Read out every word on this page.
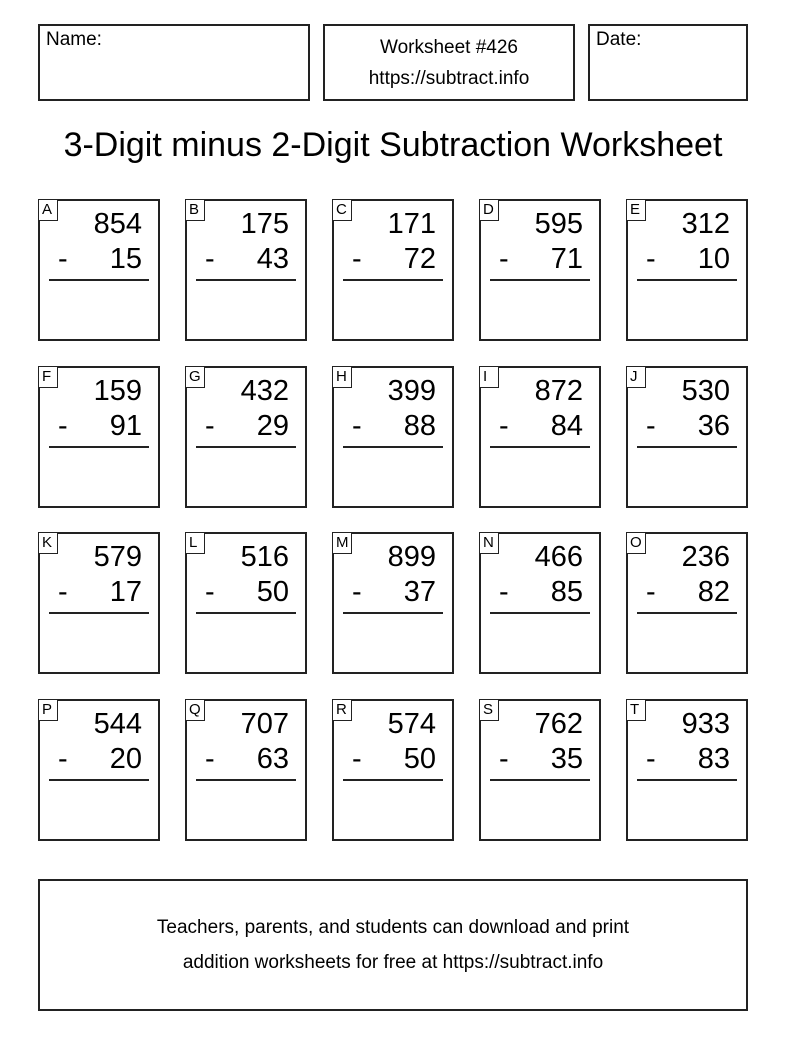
Name:	Worksheet #426
https://subtract.info
Date:
3-Digit minus 2-Digit Subtraction Worksheet
A 854
- 15
B 175
- 43
C 171
- 72
D 595
- 71
E 312
- 10
F 159
- 91
G 432
- 29
H 399
- 88
I	872
- 84
J 530
- 36
K 579
- 17
L 516
- 50
M 899
- 37
N 466
- 85
O 236
- 82
P 544
- 20
Q 707
- 63
R 574
- 50
S 762
- 35
T 933
- 83
Teachers, parents, and students can download and print
addition worksheets for free at https://subtract.info
